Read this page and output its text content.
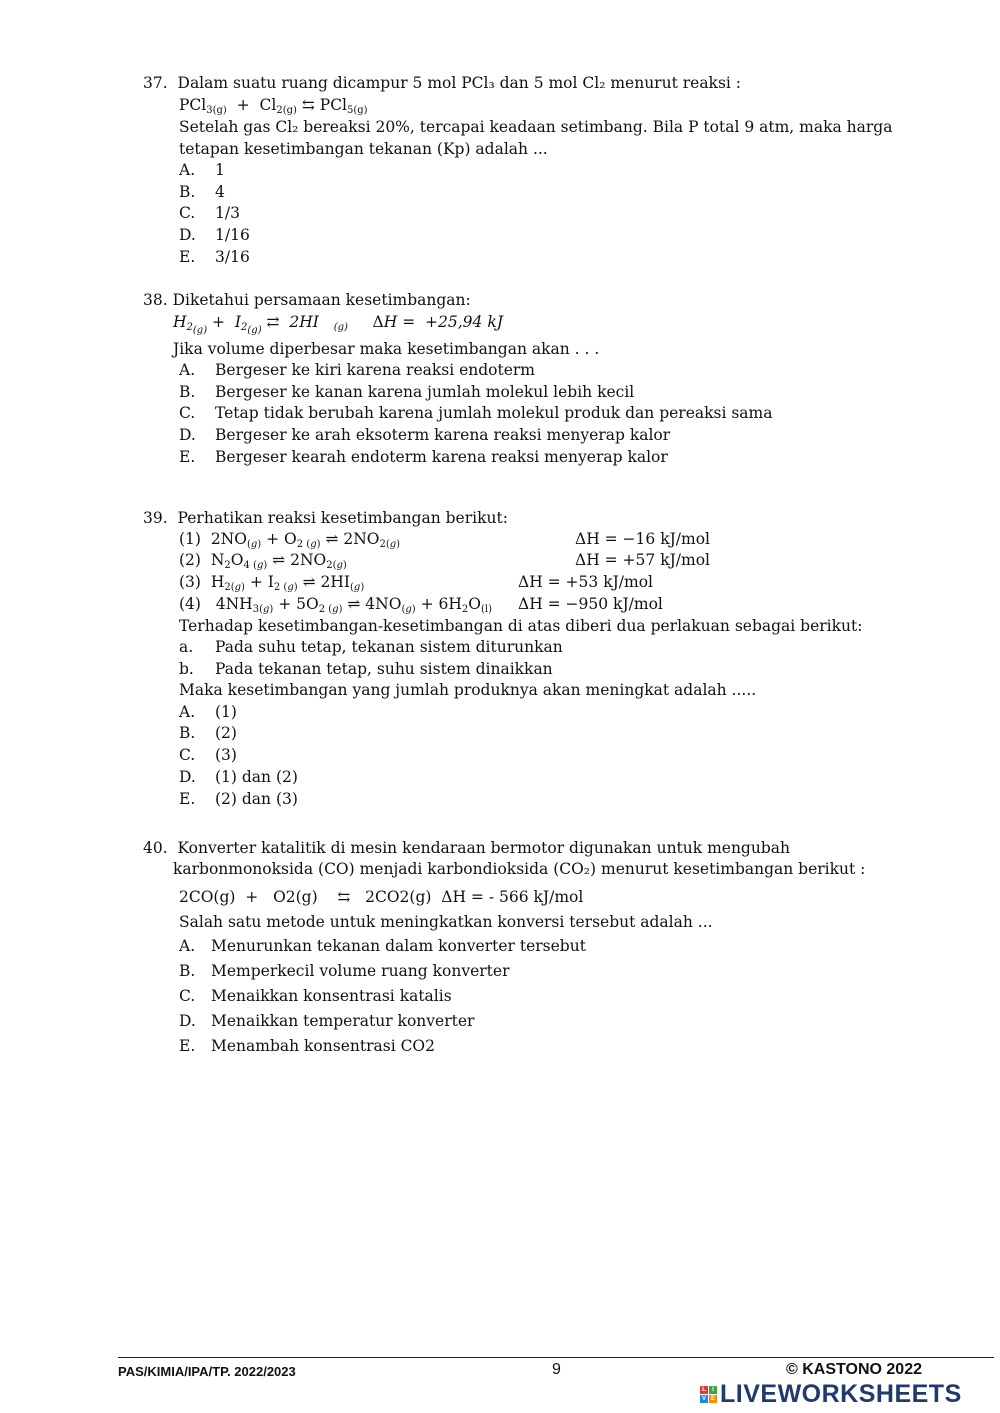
37. Dalam suatu ruang dicampur 5 mol PCl₃ dan 5 mol Cl₂ menurut reaksi :
$PCl_{3(g)} + Cl_{2(g)}$ ⇆ PCl$_{5(g)}$
Setelah gas Cl₂ bereaksi 20%, tercapai keadaan setimbang. Bila P total 9 atm, maka harga
tetapan kesetimbangan tekanan (Kp) adalah ...
A. 1
B. 4
C. 1/3
D. 1/16
E. 3/16
38. Diketahui persamaan kesetimbangan:
$H_{2_{(g)}} + I_{2_{(g)}}$ ⇄  2HI   $_{(g)}$ ΔH =  +25,94 kJ
Jika volume diperbesar maka kesetimbangan akan . . .
A. Bergeser ke kiri karena reaksi endoterm
B. Bergeser ke kanan karena jumlah molekul lebih kecil
C. Tetap tidak berubah karena jumlah molekul produk dan pereaksi sama
D. Bergeser ke arah eksoterm karena reaksi menyerap kalor
E. Bergeser kearah endoterm karena reaksi menyerap kalor
39. Perhatikan reaksi kesetimbangan berikut:
(1)  $2NO_{(g)} + O_{2 (g)}$ ⇌ $2NO_{2(g)}$	ΔH = −16 kJ/mol
(2)  $N_2O_{4 (g)}$ ⇌ $2NO_{2(g)}$	ΔH = +57 kJ/mol
(3)  $H_{2(g)} + I_{2 (g)}$ ⇌ $2HI_{(g)}$	ΔH = +53 kJ/mol
(4)   $4NH_{3(g)} + 5O_{2 (g)}$ ⇌ $4NO_{(g)} + 6H_2O_{(l)}$ ΔH = −950 kJ/mol
Terhadap kesetimbangan-kesetimbangan di atas diberi dua perlakuan sebagai berikut:
a. Pada suhu tetap, tekanan sistem diturunkan
b. Pada tekanan tetap, suhu sistem dinaikkan
Maka kesetimbangan yang jumlah produknya akan meningkat adalah .....
A. (1)
B. (2)
C. (3)
D. (1) dan (2)
E. (2) dan (3)
40. Konverter katalitik di mesin kendaraan bermotor digunakan untuk mengubah
karbonmonoksida (CO) menjadi karbondioksida (CO₂) menurut kesetimbangan berikut :
2CO(g)  +   O2(g)    ⇆   2CO2(g)  ΔH = - 566 kJ/mol
Salah satu metode untuk meningkatkan konversi tersebut adalah ...
A. Menurunkan tekanan dalam konverter tersebut
B. Memperkecil volume ruang konverter
C. Menaikkan konsentrasi katalis
D. Menaikkan temperatur konverter
E. Menambah konsentrasi CO2
PAS/KIMIA/IPA/TP. 2022/2023	9	© KASTONO 2022
L	I
V E LIVEWORKSHEETS
